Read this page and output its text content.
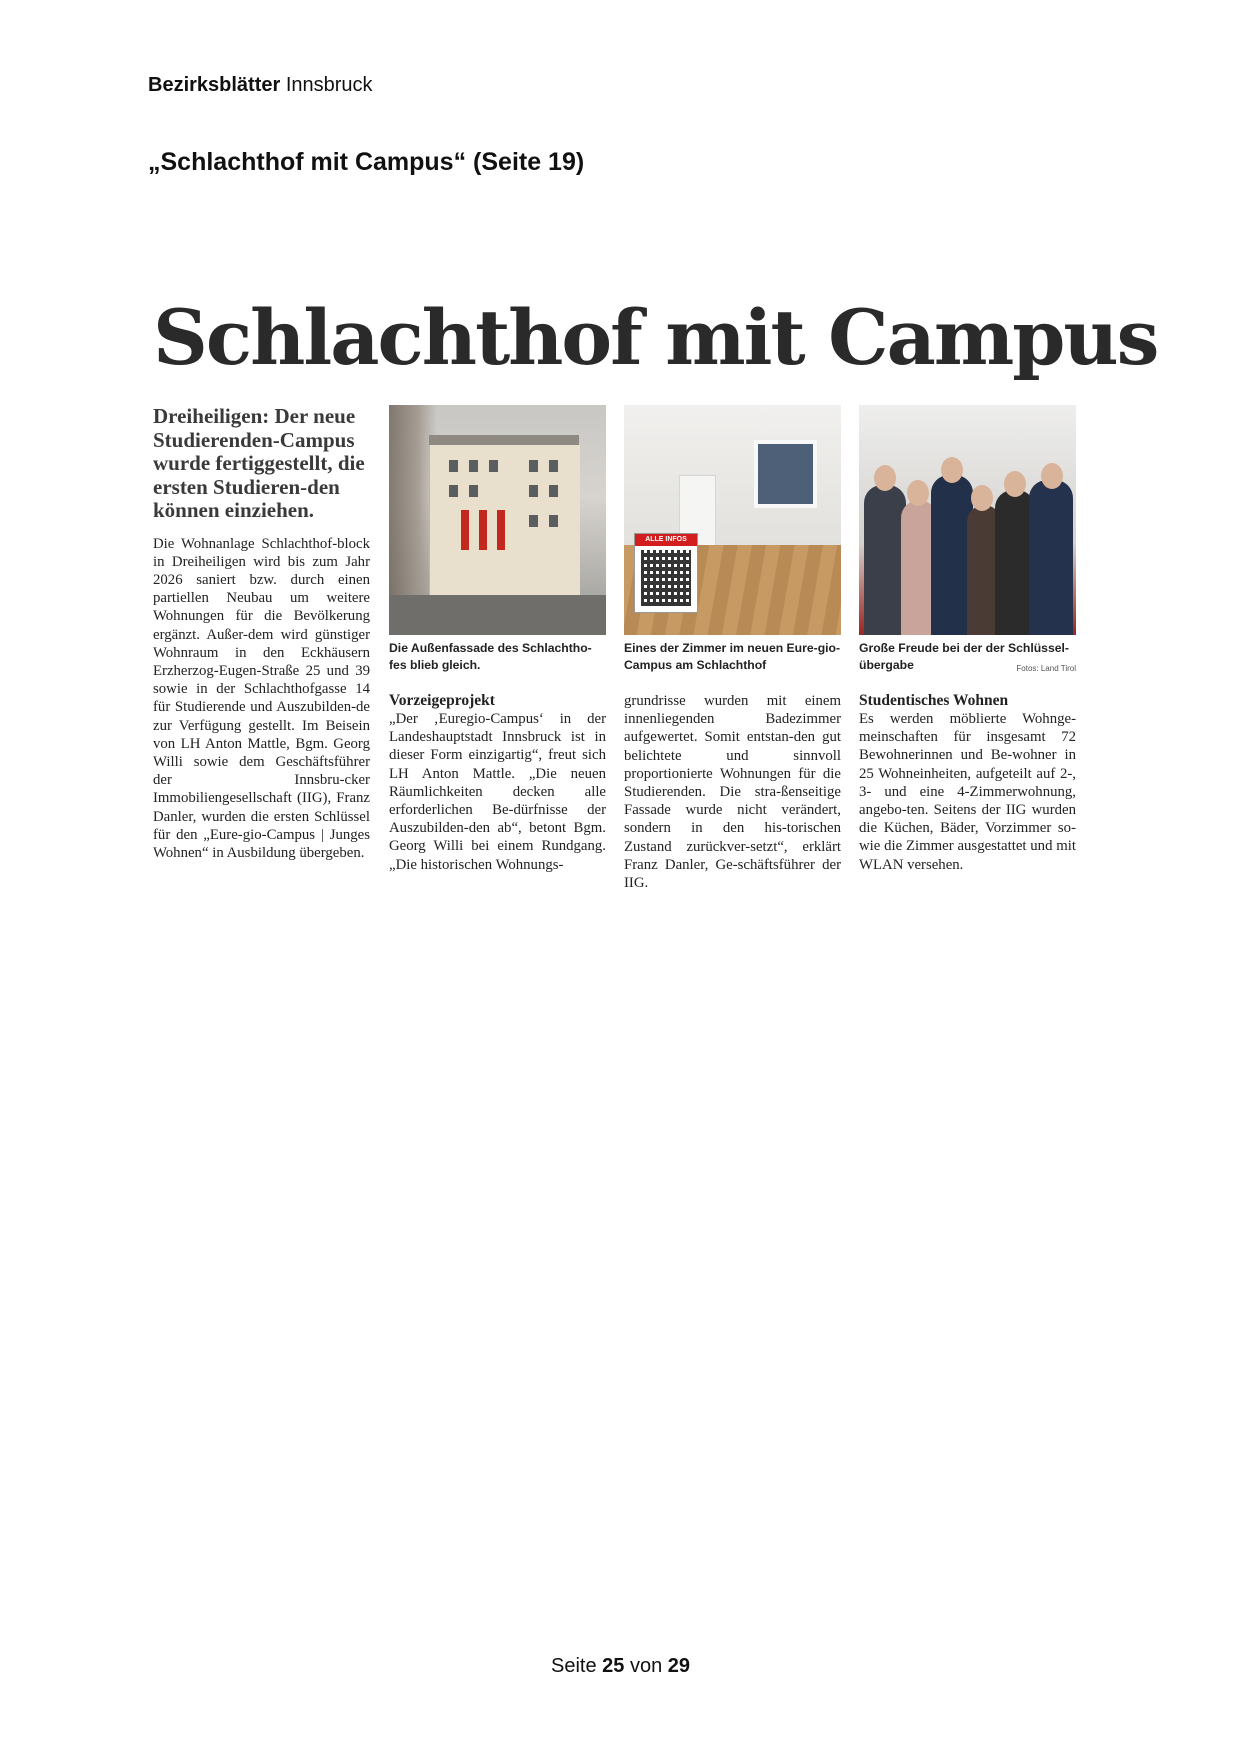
Bezirksblätter Innsbruck
„Schlachthof mit Campus“ (Seite 19)
Schlachthof mit Campus
Dreiheiligen: Der neue Studierenden-Campus wurde fertiggestellt, die ersten Studieren-den können einziehen.

Die Wohnanlage Schlachthof-block in Dreiheiligen wird bis zum Jahr 2026 saniert bzw. durch einen partiellen Neubau um weitere Wohnungen für die Bevölkerung ergänzt. Außer-dem wird günstiger Wohnraum in den Eckhäusern Erzherzog-Eugen-Straße 25 und 39 sowie in der Schlachthofgasse 14 für Studierende und Auszubilden-de zur Verfügung gestellt. Im Beisein von LH Anton Mattle, Bgm. Georg Willi sowie dem Geschäftsführer der Innsbru-cker Immobiliengesellschaft (IIG), Franz Danler, wurden die ersten Schlüssel für den „Eure-gio-Campus | Junges Wohnen“ in Ausbildung übergeben.

Die Außenfassade des Schlachtho-fes blieb gleich.
Vorzeigeprojekt

„Der ‚Euregio-Campus‘ in der Landeshauptstadt Innsbruck ist in dieser Form einzigartig“, freut sich LH Anton Mattle. „Die neuen Räumlichkeiten decken alle erforderlichen Be-dürfnisse der Auszubilden-den ab“, betont Bgm. Georg Willi bei einem Rundgang. „Die historischen Wohnungs-

ALLE INFOS
Eines der Zimmer im neuen Eure-gio-Campus am Schlachthof

grundrisse wurden mit einem innenliegenden Badezimmer aufgewertet. Somit entstan-den gut belichtete und sinnvoll proportionierte Wohnungen für die Studierenden. Die stra-ßenseitige Fassade wurde nicht verändert, sondern in den his-torischen Zustand zurückver-setzt“, erklärt Franz Danler, Ge-schäftsführer der IIG.

Große Freude bei der der Schlüssel-übergabe	Fotos: Land Tirol
Studentisches Wohnen

Es werden möblierte Wohnge-meinschaften für insgesamt 72 Bewohnerinnen und Be-wohner in 25 Wohneinheiten, aufgeteilt auf 2-, 3- und eine 4-Zimmerwohnung, angebo-ten. Seitens der IIG wurden die Küchen, Bäder, Vorzimmer so-wie die Zimmer ausgestattet und mit WLAN versehen.

Seite 25 von 29
